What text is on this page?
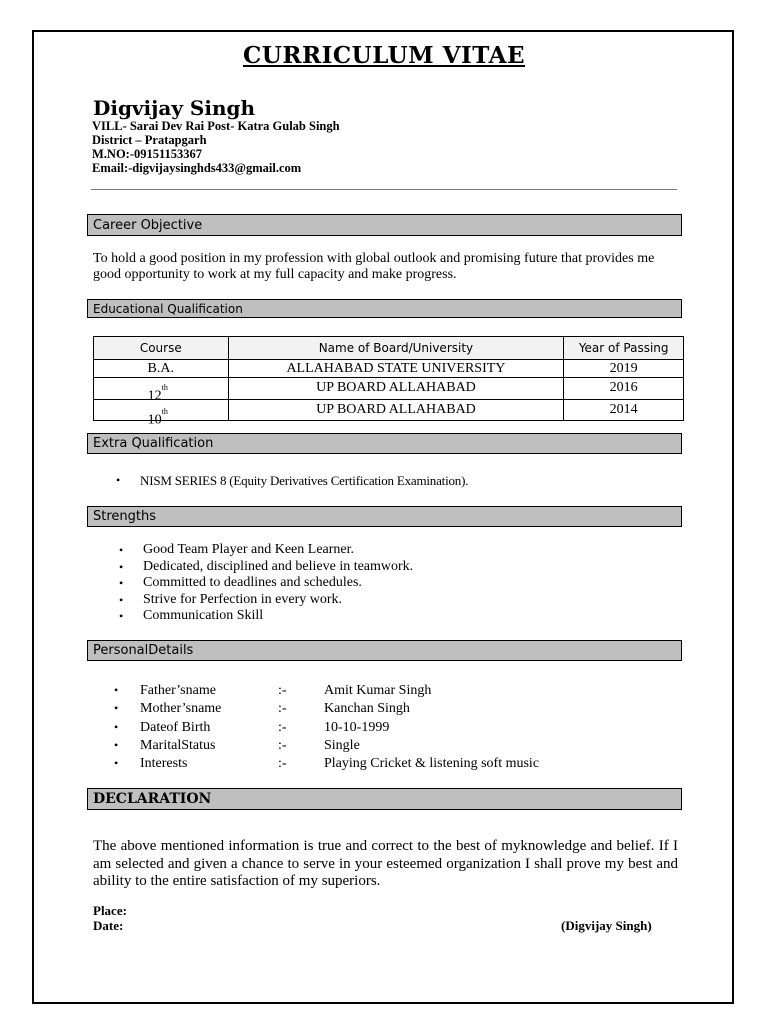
CURRICULUM VITAE
Digvijay Singh
VILL- Sarai Dev Rai Post- Katra Gulab Singh
District – Pratapgarh
M.NO:-09151153367
Email:-digvijaysinghds433@gmail.com
Career Objective
To hold a good position in my profession with global outlook and promising future that provides me good opportunity to work at my full capacity and make progress.
Educational Qualification
Course	Name of Board/University	Year of Passing
B.A.	ALLAHABAD STATE UNIVERSITY	2019
12th	UP BOARD ALLAHABAD	2016
10th	UP BOARD ALLAHABAD	2014
Extra Qualification
• NISM SERIES 8 (Equity Derivatives Certification Examination).
Strengths
• Good Team Player and Keen Learner.
• Dedicated, disciplined and believe in teamwork.
• Committed to deadlines and schedules.
• Strive for Perfection in every work.
• Communication Skill
PersonalDetails
•	Father’sname	:-	Amit Kumar Singh
•	Mother’sname	:-	Kanchan Singh
•	Dateof Birth	:-	10-10-1999
•	MaritalStatus	:-	Single
•	Interests	:-	Playing Cricket & listening soft music
DECLARATION
The above mentioned information is true and correct to the best of myknowledge and belief. If I am selected and given a chance to serve in your esteemed organization I shall prove my best and ability to the entire satisfaction of my superiors.
Place:
Date:	(Digvijay Singh)
